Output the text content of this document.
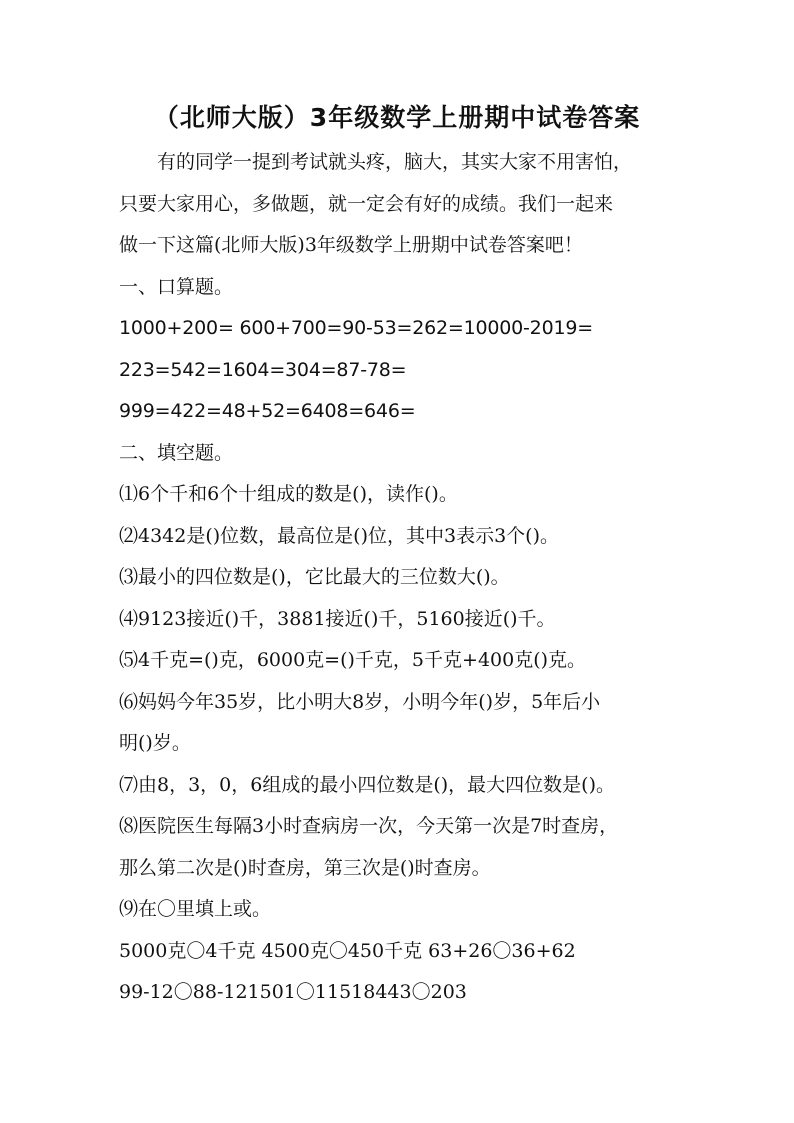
（北师大版）3年级数学上册期中试卷答案
有的同学一提到考试就头疼，脑大，其实大家不用害怕，
只要大家用心，多做题，就一定会有好的成绩。我们一起来
做一下这篇(北师大版)3年级数学上册期中试卷答案吧！
一、口算题。
1000+200= 600+700=90-53=262=10000-2019=
223=542=1604=304=87-78=
999=422=48+52=6408=646=
二、填空题。
⑴6个千和6个十组成的数是()，读作()。
⑵4342是()位数，最高位是()位，其中3表示3个()。
⑶最小的四位数是()，它比最大的三位数大()。
⑷9123接近()千，3881接近()千，5160接近()千。
⑸4千克=()克，6000克=()千克，5千克+400克()克。
⑹妈妈今年35岁，比小明大8岁，小明今年()岁，5年后小
明()岁。
⑺由8，3，0，6组成的最小四位数是()，最大四位数是()。
⑻医院医生每隔3小时查病房一次，今天第一次是7时查房，
那么第二次是()时查房，第三次是()时查房。
⑼在〇里填上或。
5000克〇4千克 4500克〇450千克 63+26〇36+62
99-12〇88-121501〇11518443〇203
